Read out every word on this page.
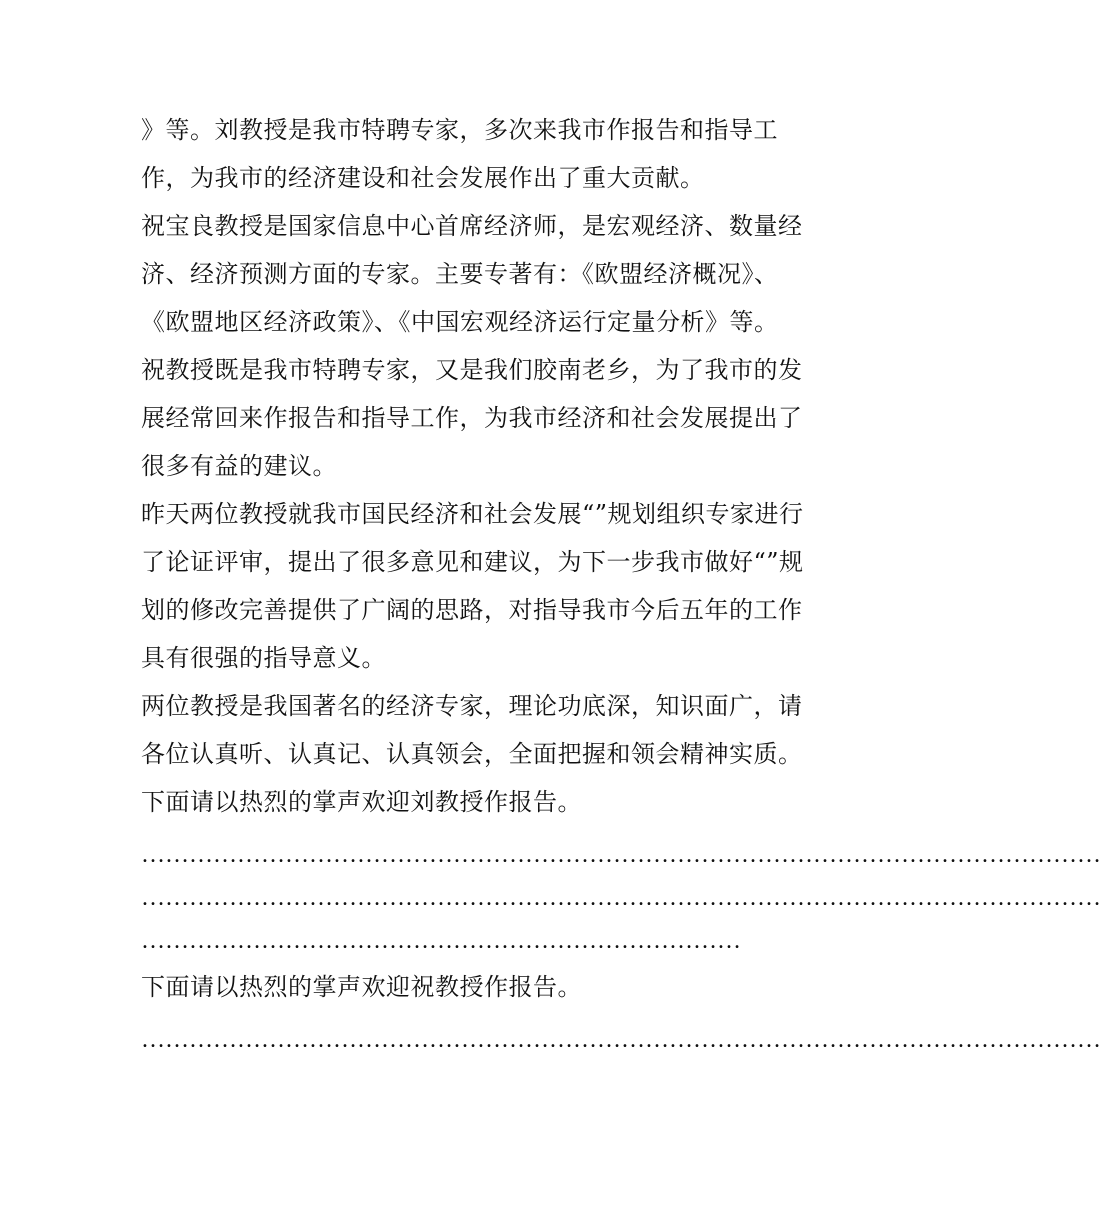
》等。刘教授是我市特聘专家，多次来我市作报告和指导工
作，为我市的经济建设和社会发展作出了重大贡献。
祝宝良教授是国家信息中心首席经济师，是宏观经济、数量经
济、经济预测方面的专家。主要专著有：《欧盟经济概况》、
《欧盟地区经济政策》、《中国宏观经济运行定量分析》等。
祝教授既是我市特聘专家，又是我们胶南老乡，为了我市的发
展经常回来作报告和指导工作，为我市经济和社会发展提出了
很多有益的建议。
昨天两位教授就我市国民经济和社会发展“”规划组织专家进行
了论证评审，提出了很多意见和建议，为下一步我市做好“”规
划的修改完善提供了广阔的思路，对指导我市今后五年的工作
具有很强的指导意义。
两位教授是我国著名的经济专家，理论功底深，知识面广，请
各位认真听、认真记、认真领会，全面把握和领会精神实质。
下面请以热烈的掌声欢迎刘教授作报告。
…………………………………………………………………………………………………………
…………………………………………………………………………………………………………
…………………………………………………………………
下面请以热烈的掌声欢迎祝教授作报告。
…………………………………………………………………………………………………………
